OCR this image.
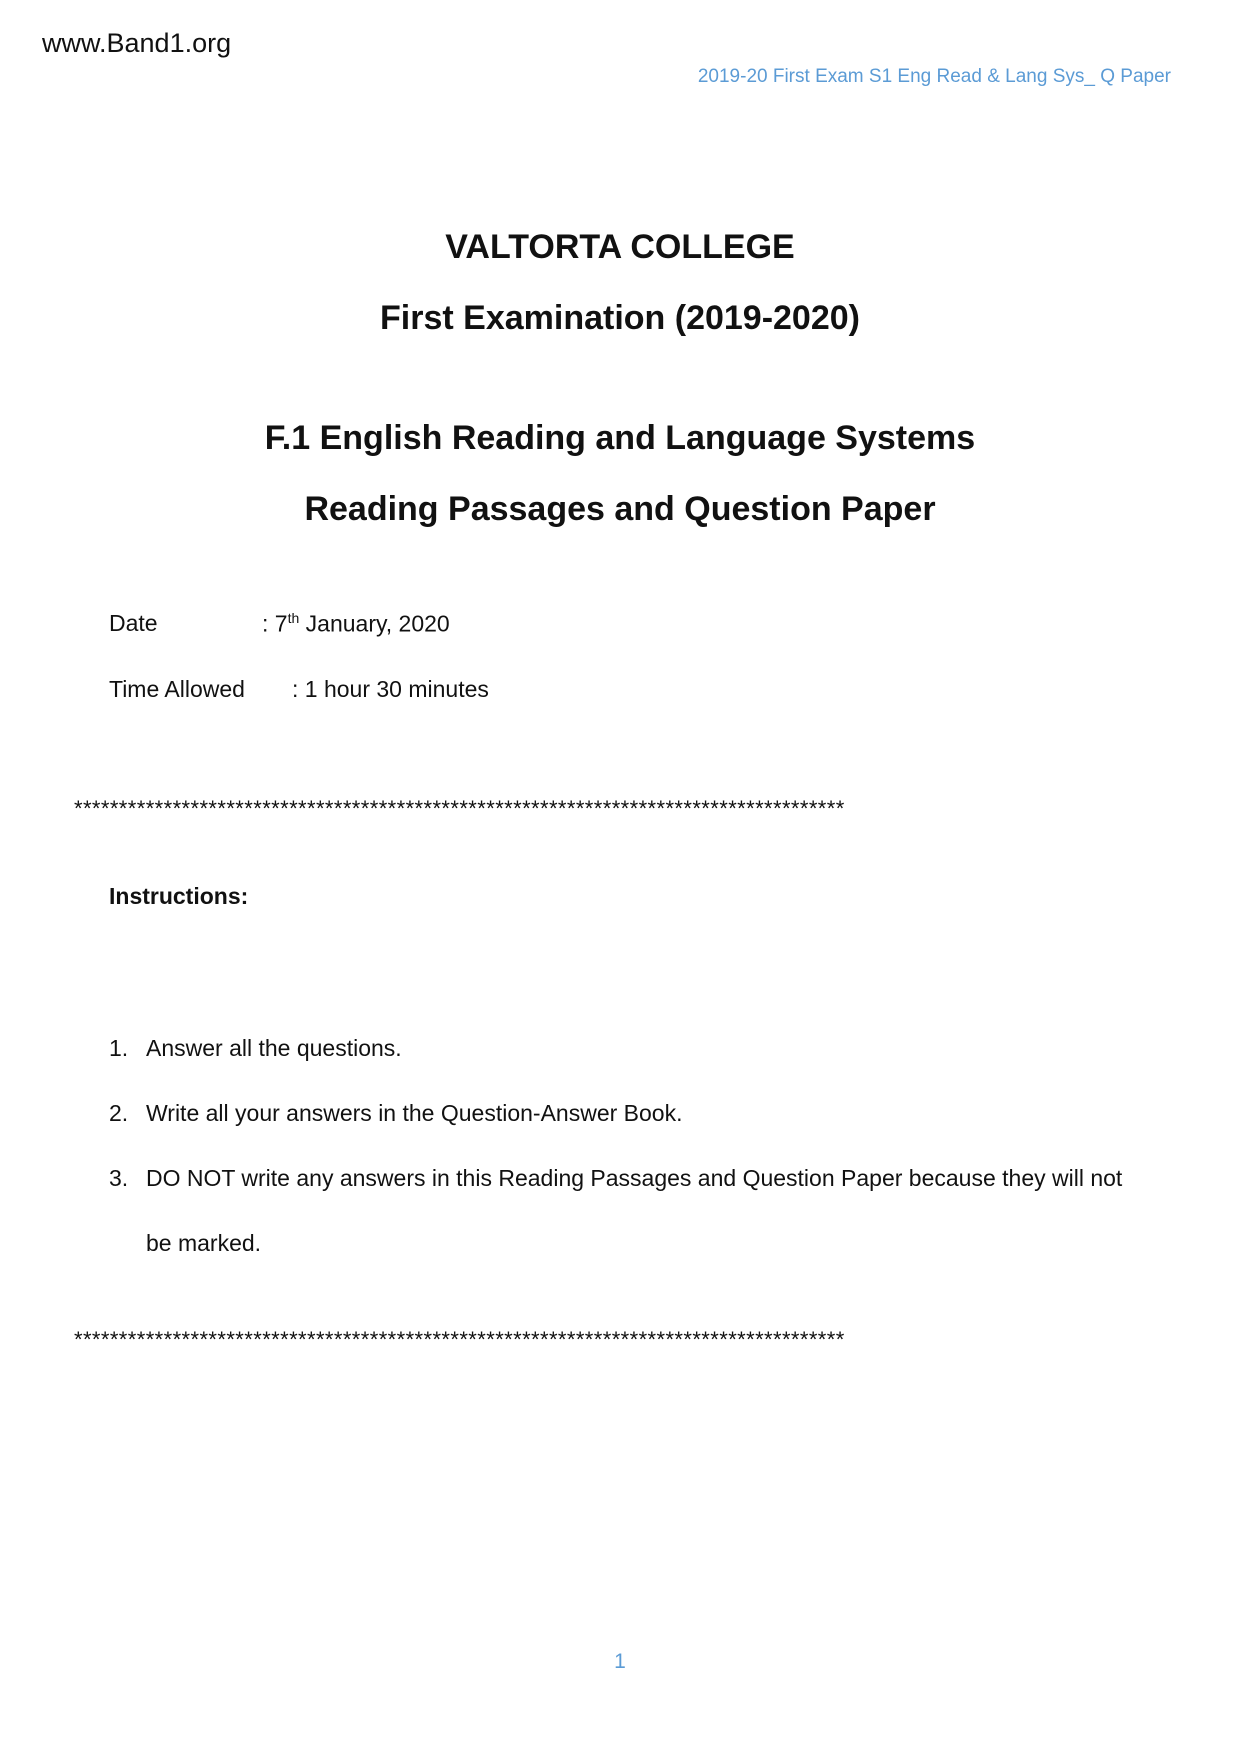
www.Band1.org
2019-20 First Exam S1 Eng Read & Lang Sys_ Q Paper
VALTORTA COLLEGE
First Examination (2019-2020)
F.1 English Reading and Language Systems
Reading Passages and Question Paper
Date	: 7th January, 2020
Time Allowed : 1 hour 30 minutes
**************************************************************************************
Instructions:
1. Answer all the questions.
2. Write all your answers in the Question-Answer Book.
3. DO NOT write any answers in this Reading Passages and Question Paper because they will not be marked.
**************************************************************************************
1
